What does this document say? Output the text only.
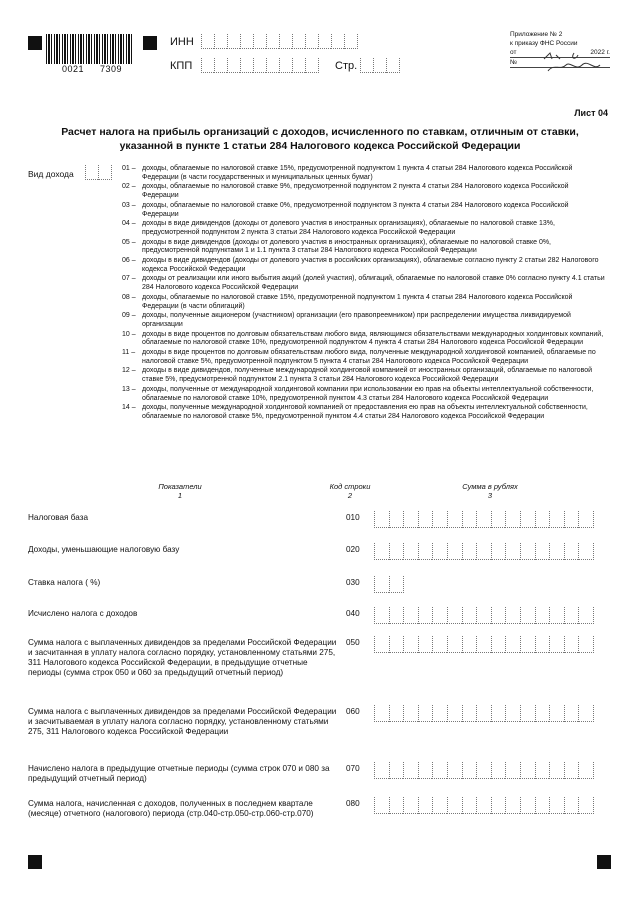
0021 7309
ИНН
КПП	Стр.
Приложение № 2
к приказу ФНС России
от	2022 г.
№
Лист 04
Расчет налога на прибыль организаций с доходов, исчисленного по ставкам, отличным от ставки, указанной в пункте 1 статьи 284 Налогового кодекса Российской Федерации
Вид дохода
01 – доходы, облагаемые по налоговой ставке 15%, предусмотренной подпунктом 1 пункта 4 статьи 284 Налогового кодекса Российской Федерации (в части государственных и муниципальных ценных бумаг)
02 – доходы, облагаемые по налоговой ставке 9%, предусмотренной подпунктом 2 пункта 4 статьи 284 Налогового кодекса Российской Федерации
03 – доходы, облагаемые по налоговой ставке 0%, предусмотренной подпунктом 3 пункта 4 статьи 284 Налогового кодекса Российской Федерации
04 – доходы в виде дивидендов (доходы от долевого участия в иностранных организациях), облагаемые по налоговой ставке 13%, предусмотренной подпунктом 2 пункта 3 статьи 284 Налогового кодекса Российской Федерации
05 – доходы в виде дивидендов (доходы от долевого участия в иностранных организациях), облагаемые по налоговой ставке 0%, предусмотренной подпунктами 1 и 1.1 пункта 3 статьи 284 Налогового кодекса Российской Федерации
06 – доходы в виде дивидендов (доходы от долевого участия в российских организациях), облагаемые согласно пункту 2 статьи 282 Налогового кодекса Российской Федерации
07 – доходы от реализации или иного выбытия акций (долей участия), облигаций, облагаемые по налоговой ставке 0% согласно пункту 4.1 статьи 284 Налогового кодекса Российской Федерации
08 – доходы, облагаемые по налоговой ставке 15%, предусмотренной подпунктом 1 пункта 4 статьи 284 Налогового кодекса Российской Федерации (в части облигаций)
09 – доходы, полученные акционером (участником) организации (его правопреемником) при распределении имущества ликвидируемой организации
10 – доходы в виде процентов по долговым обязательствам любого вида, являющимся обязательствами международных холдинговых компаний, облагаемые по налоговой ставке 10%, предусмотренной подпунктом 4 пункта 4 статьи 284 Налогового кодекса Российской Федерации
11 – доходы в виде процентов по долговым обязательствам любого вида, полученные международной холдинговой компанией, облагаемые по налоговой ставке 5%, предусмотренной подпунктом 5 пункта 4 статьи 284 Налогового кодекса Российской Федерации
12 – доходы в виде дивидендов, полученные международной холдинговой компанией от иностранных организаций, облагаемые по налоговой ставке 5%, предусмотренной подпунктом 2.1 пункта 3 статьи 284 Налогового кодекса Российской Федерации
13 – доходы, полученные от международной холдинговой компании при использовании ею прав на объекты интеллектуальной собственности, облагаемые по налоговой ставке 10%, предусмотренной пунктом 4.3 статьи 284 Налогового кодекса Российской Федерации
14 – доходы, полученные международной холдинговой компанией от предоставления ею прав на объекты интеллектуальной собственности, облагаемые по налоговой ставке 5%, предусмотренной пунктом 4.4 статьи 284 Налогового кодекса Российской Федерации
Показатели
1
Код строки
2
Сумма в рублях
3
Налоговая база	010
Доходы, уменьшающие налоговую базу	020
Ставка налога ( %)	030
Исчислено налога с доходов	040
Сумма налога с выплаченных дивидендов за пределами Российской Федерации и засчитанная в уплату налога согласно порядку, установленному статьями 275, 311 Налогового кодекса Российской Федерации, в предыдущие отчетные периоды (сумма строк 050 и 060 за предыдущий отчетный период)
050
Сумма налога с выплаченных дивидендов за пределами Российской Федерации и засчитываемая в уплату налога согласно порядку, установленному статьями 275, 311 Налогового кодекса Российской Федерации
060
Начислено налога в предыдущие отчетные периоды (сумма строк 070 и 080 за предыдущий отчетный период)
070
Сумма налога, начисленная с доходов, полученных в последнем квартале (месяце) отчетного (налогового) периода (стр.040-стр.050-стр.060-стр.070)
080
